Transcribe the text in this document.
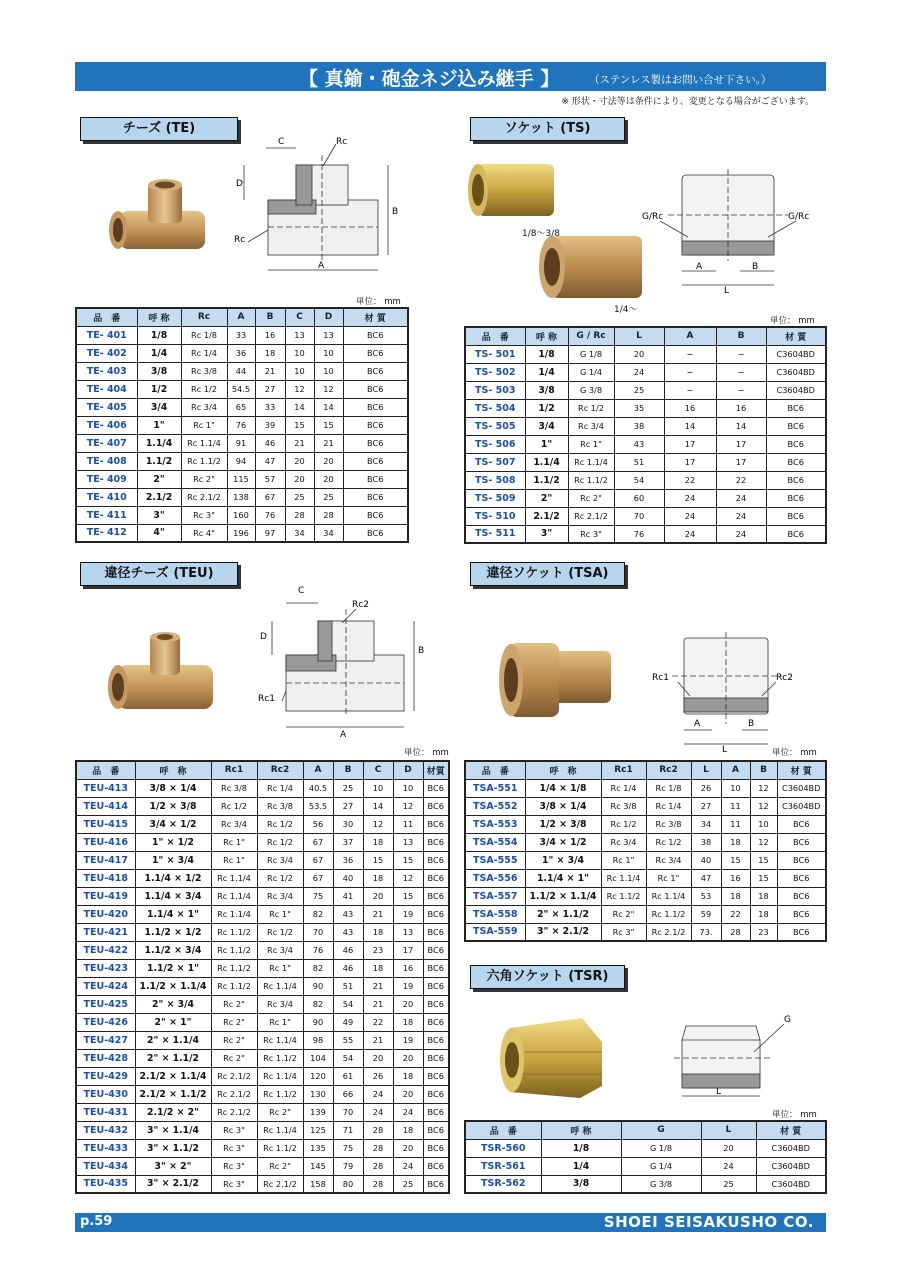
【 真鍮・砲金ネジ込み継手 】	（ステンレス製はお問い合せ下さい。）
※ 形状・寸法等は条件により、変更となる場合がございます。
チーズ (TE)
C	Rc
D
B
A
Rc
単位： mm
品　番	呼 称	Rc	A	B	C	D	材 質
TE- 401	1/8	Rc 1/8	33	16	13	13	BC6
TE- 402	1/4	Rc 1/4	36	18	10	10	BC6
TE- 403	3/8	Rc 3/8	44	21	10	10	BC6
TE- 404	1/2	Rc 1/2	54.5	27	12	12	BC6
TE- 405	3/4	Rc 3/4	65	33	14	14	BC6
TE- 406	1"	Rc 1"	76	39	15	15	BC6
TE- 407	1.1/4	Rc 1.1/4	91	46	21	21	BC6
TE- 408	1.1/2	Rc 1.1/2	94	47	20	20	BC6
TE- 409	2"	Rc 2"	115	57	20	20	BC6
TE- 410	2.1/2	Rc 2.1/2	138	67	25	25	BC6
TE- 411	3"	Rc 3"	160	76	28	28	BC6
TE- 412	4"	Rc 4"	196	97	34	34	BC6
ソケット (TS)
1/8〜3/8
1/4〜
G/Rc	G/Rc
A	B
L
単位： mm
品　番	呼 称	G / Rc	L	A	B	材 質
TS- 501	1/8	G 1/8	20	−	−	C3604BD
TS- 502	1/4	G 1/4	24	−	−	C3604BD
TS- 503	3/8	G 3/8	25	−	−	C3604BD
TS- 504	1/2	Rc 1/2	35	16	16	BC6
TS- 505	3/4	Rc 3/4	38	14	14	BC6
TS- 506	1"	Rc 1"	43	17	17	BC6
TS- 507	1.1/4	Rc 1.1/4	51	17	17	BC6
TS- 508	1.1/2	Rc 1.1/2	54	22	22	BC6
TS- 509	2"	Rc 2"	60	24	24	BC6
TS- 510	2.1/2	Rc 2.1/2	70	24	24	BC6
TS- 511	3"	Rc 3"	76	24	24	BC6
違径チーズ (TEU)
C
Rc2
D
B
Rc1
A
単位： mm
品　番	呼　称	Rc1	Rc2	A	B	C	D	材質
TEU-413	3/8 × 1/4	Rc 3/8	Rc 1/4	40.5	25	10	10	BC6
TEU-414	1/2 × 3/8	Rc 1/2	Rc 3/8	53.5	27	14	12	BC6
TEU-415	3/4 × 1/2	Rc 3/4	Rc 1/2	56	30	12	11	BC6
TEU-416	1" × 1/2	Rc 1"	Rc 1/2	67	37	18	13	BC6
TEU-417	1" × 3/4	Rc 1"	Rc 3/4	67	36	15	15	BC6
TEU-418	1.1/4 × 1/2	Rc 1.1/4	Rc 1/2	67	40	18	12	BC6
TEU-419	1.1/4 × 3/4	Rc 1.1/4	Rc 3/4	75	41	20	15	BC6
TEU-420	1.1/4 × 1"	Rc 1.1/4	Rc 1"	82	43	21	19	BC6
TEU-421	1.1/2 × 1/2	Rc 1.1/2	Rc 1/2	70	43	18	13	BC6
TEU-422	1.1/2 × 3/4	Rc 1.1/2	Rc 3/4	76	46	23	17	BC6
TEU-423	1.1/2 × 1"	Rc 1.1/2	Rc 1"	82	46	18	16	BC6
TEU-424	1.1/2 × 1.1/4	Rc 1.1/2	Rc 1.1/4	90	51	21	19	BC6
TEU-425	2" × 3/4	Rc 2"	Rc 3/4	82	54	21	20	BC6
TEU-426	2" × 1"	Rc 2"	Rc 1"	90	49	22	18	BC6
TEU-427	2" × 1.1/4	Rc 2"	Rc 1.1/4	98	55	21	19	BC6
TEU-428	2" × 1.1/2	Rc 2"	Rc 1.1/2	104	54	20	20	BC6
TEU-429	2.1/2 × 1.1/4	Rc 2.1/2	Rc 1.1/4	120	61	26	18	BC6
TEU-430	2.1/2 × 1.1/2	Rc 2.1/2	Rc 1.1/2	130	66	24	20	BC6
TEU-431	2.1/2 × 2"	Rc 2.1/2	Rc 2"	139	70	24	24	BC6
TEU-432	3" × 1.1/4	Rc 3"	Rc 1.1/4	125	71	28	18	BC6
TEU-433	3" × 1.1/2	Rc 3"	Rc 1.1/2	135	75	28	20	BC6
TEU-434	3" × 2"	Rc 3"	Rc 2"	145	79	28	24	BC6
TEU-435	3" × 2.1/2	Rc 3"	Rc 2.1/2	158	80	28	25	BC6
違径ソケット (TSA)
Rc1	Rc2
A	B
L	単位： mm
品　番	呼　称	Rc1	Rc2	L	A	B	材 質
TSA-551	1/4 × 1/8	Rc 1/4	Rc 1/8	26	10	12	C3604BD
TSA-552	3/8 × 1/4	Rc 3/8	Rc 1/4	27	11	12	C3604BD
TSA-553	1/2 × 3/8	Rc 1/2	Rc 3/8	34	11	10	BC6
TSA-554	3/4 × 1/2	Rc 3/4	Rc 1/2	38	18	12	BC6
TSA-555	1" × 3/4	Rc 1"	Rc 3/4	40	15	15	BC6
TSA-556	1.1/4 × 1"	Rc 1.1/4	Rc 1"	47	16	15	BC6
TSA-557	1.1/2 × 1.1/4	Rc 1.1/2	Rc 1.1/4	53	18	18	BC6
TSA-558	2" × 1.1/2	Rc 2"	Rc 1.1/2	59	22	18	BC6
TSA-559	3" × 2.1/2	Rc 3"	Rc 2.1/2	73.	28	23	BC6
六角ソケット (TSR)
G
L
単位： mm
品　番	呼 称	G	L	材 質
TSR-560	1/8	G 1/8	20	C3604BD
TSR-561	1/4	G 1/4	24	C3604BD
TSR-562	3/8	G 3/8	25	C3604BD
p.59	SHOEI SEISAKUSHO CO.
